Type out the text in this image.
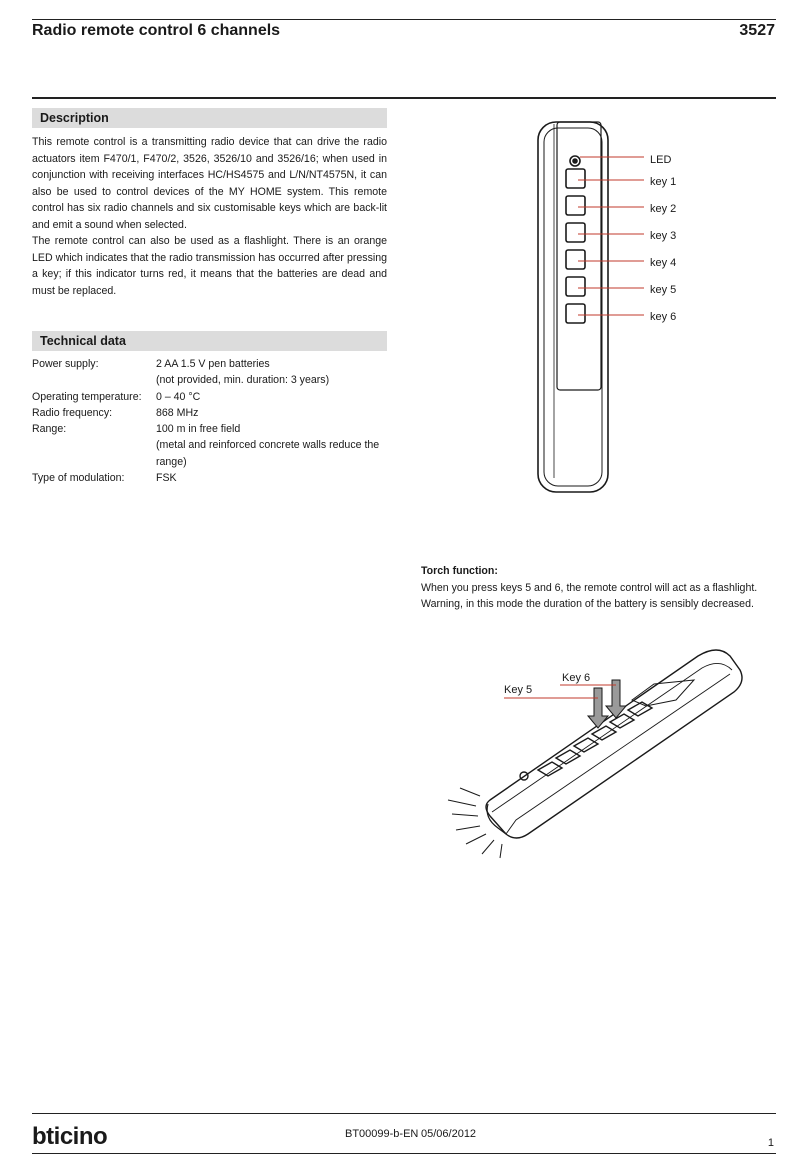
Radio remote control 6 channels	3527
Description

This remote control is a transmitting radio device that can drive the radio actuators item F470/1, F470/2, 3526, 3526/10 and 3526/16; when used in conjunction with receiving interfaces HC/HS4575 and L/N/NT4575N, it can also be used to control devices of the MY HOME system. This remote control has six radio channels and six customisable keys which are back-lit and emit a sound when selected.

The remote control can also be used as a flashlight. There is an orange LED which indicates that the radio transmission has occurred after pressing a key; if this indicator turns red, it means that the batteries are dead and must be replaced.

Technical data
Power supply:	2 AA 1.5 V pen batteries
(not provided, min. duration: 3 years)
Operating temperature:	0 – 40 °C
Radio frequency:	868 MHz
Range:	100 m in free field
(metal and reinforced concrete walls reduce the range)
Type of modulation:	FSK
LED
key 1
key 2
key 3
key 4
key 5
key 6
Torch function:
When you press keys 5 and 6, the remote control will act as a flashlight.
Warning, in this mode the duration of the battery is sensibly decreased.
Key 5
Key 6
bticino	BT00099-b-EN 05/06/2012
1
